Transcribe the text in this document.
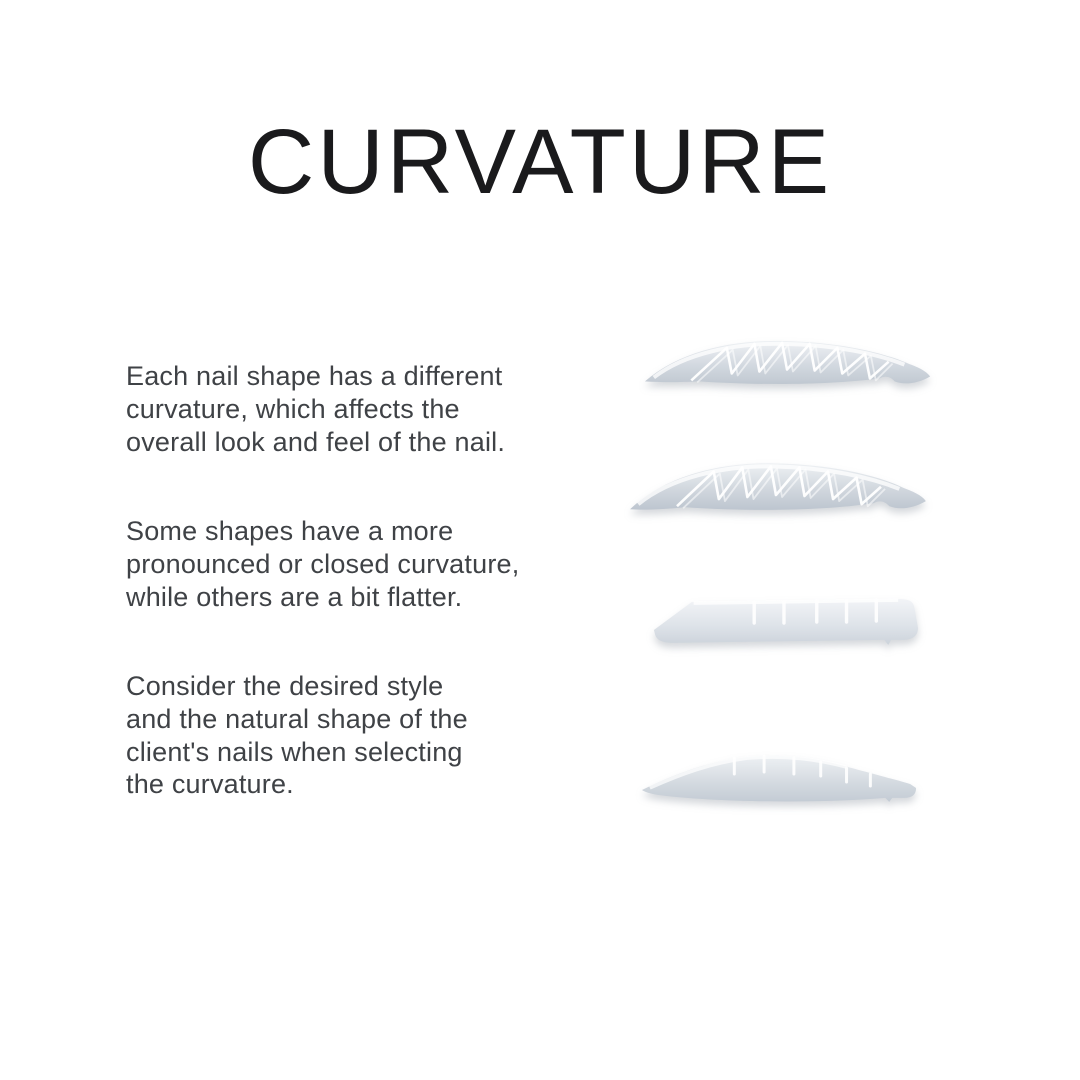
CURVATURE

Each nail shape has a different
curvature, which affects the
overall look and feel of the nail.

Some shapes have a more
pronounced or closed curvature,
while others are a bit flatter.

Consider the desired style
and the natural shape of the
client's nails when selecting
the curvature.
